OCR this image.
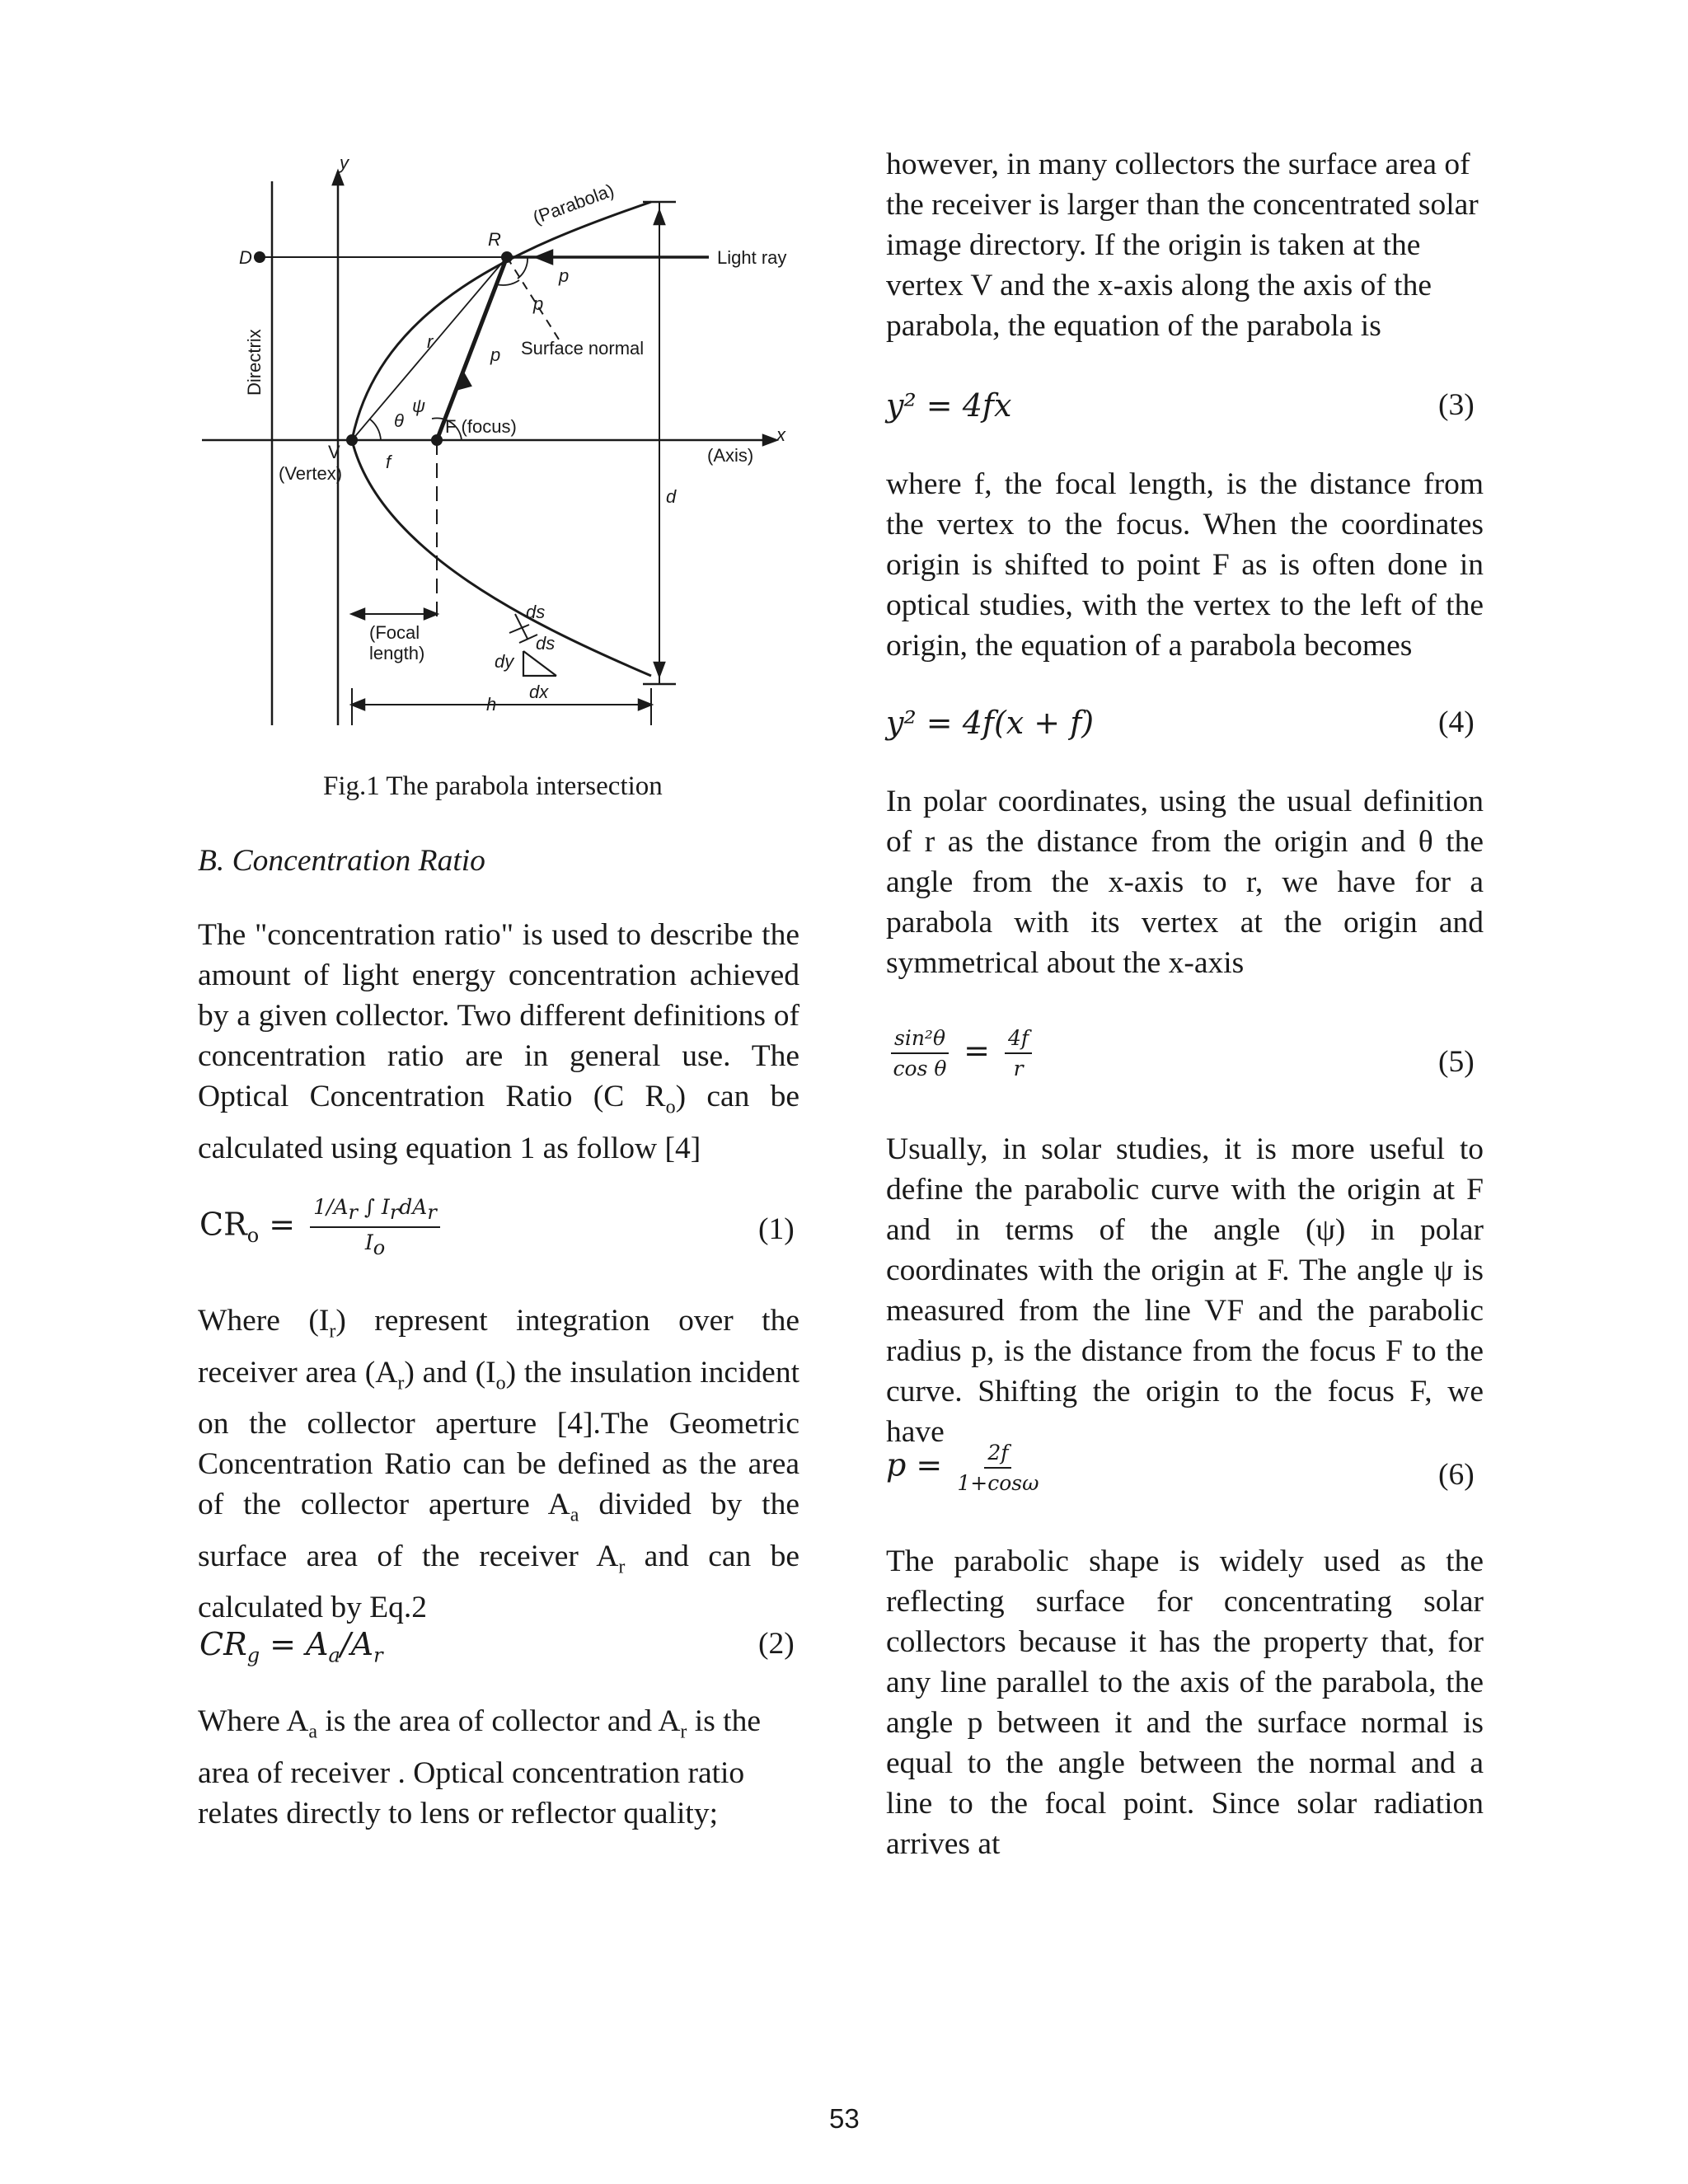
y
x
(Parabola)
R
D	Light ray
Directrix
p
p
p
r	Surface normal
ψ
θ F (focus)
V
(Vertex)
f	(Axis)
d
ds
ds
dy
dx
(Focal
length)
h
Fig.1 The parabola intersection
B. Concentration Ratio
The "concentration ratio" is used to describe the amount of light energy concentration achieved by a given collector. Two different definitions of concentration ratio are in general use. The Optical Concentration Ratio (C $R_o$) can be calculated using equation 1 as follow [4]
$CR_o = \frac{1/A_r \int I_rdA_r}{I_o}$	(1)
Where $(I_r)$ represent integration over the receiver area $(A_r)$ and $(I_o)$ the insulation incident on the collector aperture [4].The Geometric Concentration Ratio can be defined as the area of the collector aperture $A_a$ divided by the surface area of the receiver $A_r$ and can be calculated by Eq.2
$CR_g = A_a/A_r$	(2)
Where $A_a$ is the area of collector and $A_r$ is the area of receiver . Optical concentration ratio relates directly to lens or reflector quality;
however, in many collectors the surface area of the receiver is larger than the concentrated solar image directory. If the origin is taken at the vertex V and the x-axis along the axis of the parabola, the equation of the parabola is
y² = 4fx	(3)
where f, the focal length, is the distance from the vertex to the focus. When the coordinates origin is shifted to point F as is often done in optical studies, with the vertex to the left of the origin, the equation of a parabola becomes
y² = 4f(x + f)	(4)
In polar coordinates, using the usual definition of r as the distance from the origin and θ the angle from the x-axis to r, we have for a parabola with its vertex at the origin and symmetrical about the x-axis
$\frac{\text{sin²θ}}{\text{cos θ}} = \frac{4f}{r}$	(5)
Usually, in solar studies, it is more useful to define the parabolic curve with the origin at F and in terms of the angle (ψ) in polar coordinates with the origin at F. The angle ψ is measured from the line VF and the parabolic radius p, is the distance from the focus F to the curve. Shifting the origin to the focus F, we have
$p = \frac{2f}{1+\cos\omega}$	(6)
The parabolic shape is widely used as the reflecting surface for concentrating solar collectors because it has the property that, for any line parallel to the axis of the parabola, the angle p between it and the surface normal is equal to the angle between the normal and a line to the focal point. Since solar radiation arrives at
53
